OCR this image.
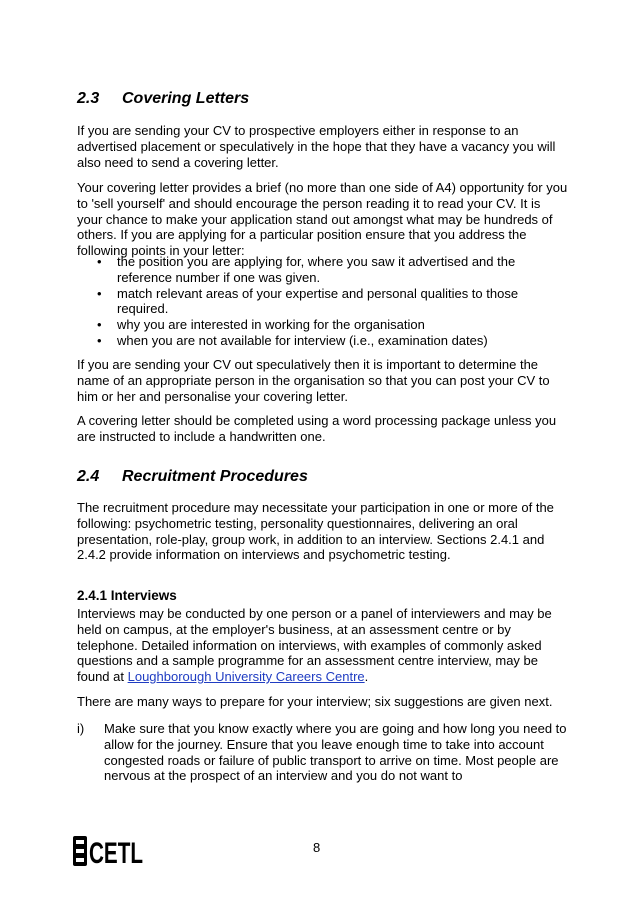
2.3 Covering Letters

If you are sending your CV to prospective employers either in response to an advertised placement or speculatively in the hope that they have a vacancy you will also need to send a covering letter.

Your covering letter provides a brief (no more than one side of A4) opportunity for you to 'sell yourself' and should encourage the person reading it to read your CV. It is your chance to make your application stand out amongst what may be hundreds of others. If you are applying for a particular position ensure that you address the following points in your letter:

• the position you are applying for, where you saw it advertised and the reference number if one was given.
• match relevant areas of your expertise and personal qualities to those required.
• why you are interested in working for the organisation
• when you are not available for interview (i.e., examination dates)

If you are sending your CV out speculatively then it is important to determine the name of an appropriate person in the organisation so that you can post your CV to him or her and personalise your covering letter.

A covering letter should be completed using a word processing package unless you are instructed to include a handwritten one.

2.4 Recruitment Procedures

The recruitment procedure may necessitate your participation in one or more of the following: psychometric testing, personality questionnaires, delivering an oral presentation, role-play, group work, in addition to an interview. Sections 2.4.1 and 2.4.2 provide information on interviews and psychometric testing.

2.4.1 Interviews

Interviews may be conducted by one person or a panel of interviewers and may be held on campus, at the employer's business, at an assessment centre or by telephone. Detailed information on interviews, with examples of commonly asked questions and a sample programme for an assessment centre interview, may be found at Loughborough University Careers Centre.

There are many ways to prepare for your interview; six suggestions are given next.

i) Make sure that you know exactly where you are going and how long you need to allow for the journey. Ensure that you leave enough time to take into account congested roads or failure of public transport to arrive on time. Most people are nervous at the prospect of an interview and you do not want to
CETL	8
